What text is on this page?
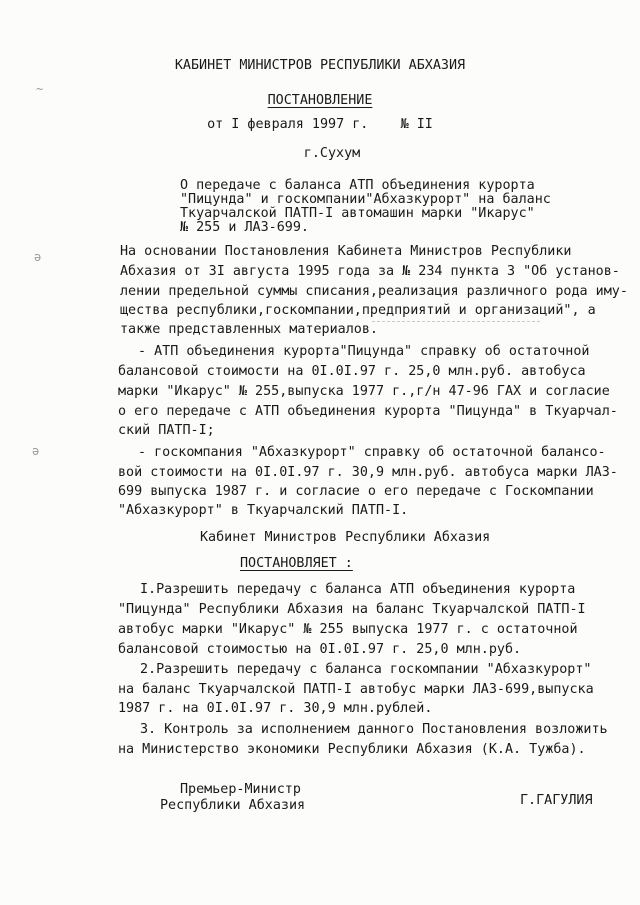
~
ǝ
ǝ
КАБИНЕТ МИНИСТРОВ РЕСПУБЛИКИ АБХАЗИЯ
ПОСТАНОВЛЕНИЕ
от I февраля 1997 г.    № II
г.Сухум
О передаче с баланса АТП объединения курорта
"Пицунда" и госкомпании"Абхазкурорт" на баланс
Ткуарчалской ПАТП-I автомашин марки "Икарус"
№ 255 и ЛАЗ-699.
На основании Постановления Кабинета Министров Республики
Абхазия от 3I августа 1995 года за № 234 пункта 3 "Об установ-
лении предельной суммы списания,реализация различного рода иму-
щества республики,госкомпании,предприятий и организаций", а
также представленных материалов.
- АТП объединения курорта"Пицунда" справку об остаточной
балансовой стоимости на 0I.0I.97 г. 25,0 млн.руб. автобуса
марки "Икарус" № 255,выпуска 1977 г.,г/н 47-96 ГАХ и согласие
о его передаче с АТП объединения курорта "Пицунда" в Ткуарчал-
ский ПАТП-I;
- госкомпания "Абхазкурорт" справку об остаточной балансо-
вой стоимости на 0I.0I.97 г. 30,9 млн.руб. автобуса марки ЛАЗ-
699 выпуска 1987 г. и согласие о его передаче с Госкомпании
"Абхазкурорт" в Ткуарчалский ПАТП-I.
Кабинет Министров Республики Абхазия
ПОСТАНОВЛЯЕТ :
I.Разрешить передачу с баланса АТП объединения курорта
"Пицунда" Республики Абхазия на баланс Ткуарчалской ПАТП-I
автобус марки "Икарус" № 255 выпуска 1977 г. с остаточной
балансовой стоимостью на 0I.0I.97 г. 25,0 млн.руб.
2.Разрешить передачу с баланса госкомпании "Абхазкурорт"
на баланс Ткуарчалской ПАТП-I автобус марки ЛАЗ-699,выпуска
1987 г. на 0I.0I.97 г. 30,9 млн.рублей.
3. Контроль за исполнением данного Постановления возложить
на Министерство экономики Республики Абхазия (К.А. Тужба).
Премьер-Министр
Республики Абхазия	Г.ГАГУЛИЯ
